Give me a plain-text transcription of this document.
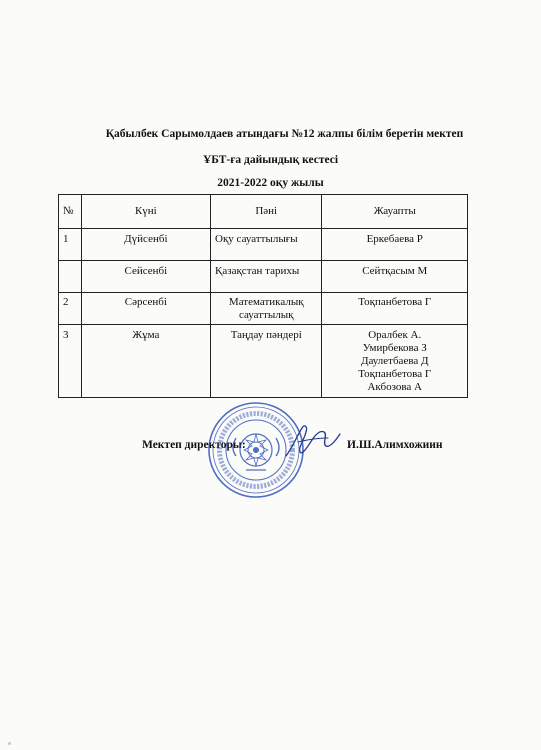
Қабылбек Сарымолдаев атындағы №12 жалпы білім беретін мектеп
ҰБТ-ға дайындық кестесі
2021-2022 оқу жылы
№	Күні	Пәні	Жауапты
1	Дүйсенбі	Оқу сауаттылығы	Еркебаева Р

	Сейсенбі	Қазақстан тарихы	Сейтқасым М

2	Сәрсенбі	Математикалық сауаттылық	Тоқпанбетова Г

3	Жұма	Таңдау пәндері	Оралбек А.
Умирбекова З
Даулетбаева Д
Тоқпанбетова Г
Акбозова А
Мектеп директоры:	И.Ш.Алимхожиин
